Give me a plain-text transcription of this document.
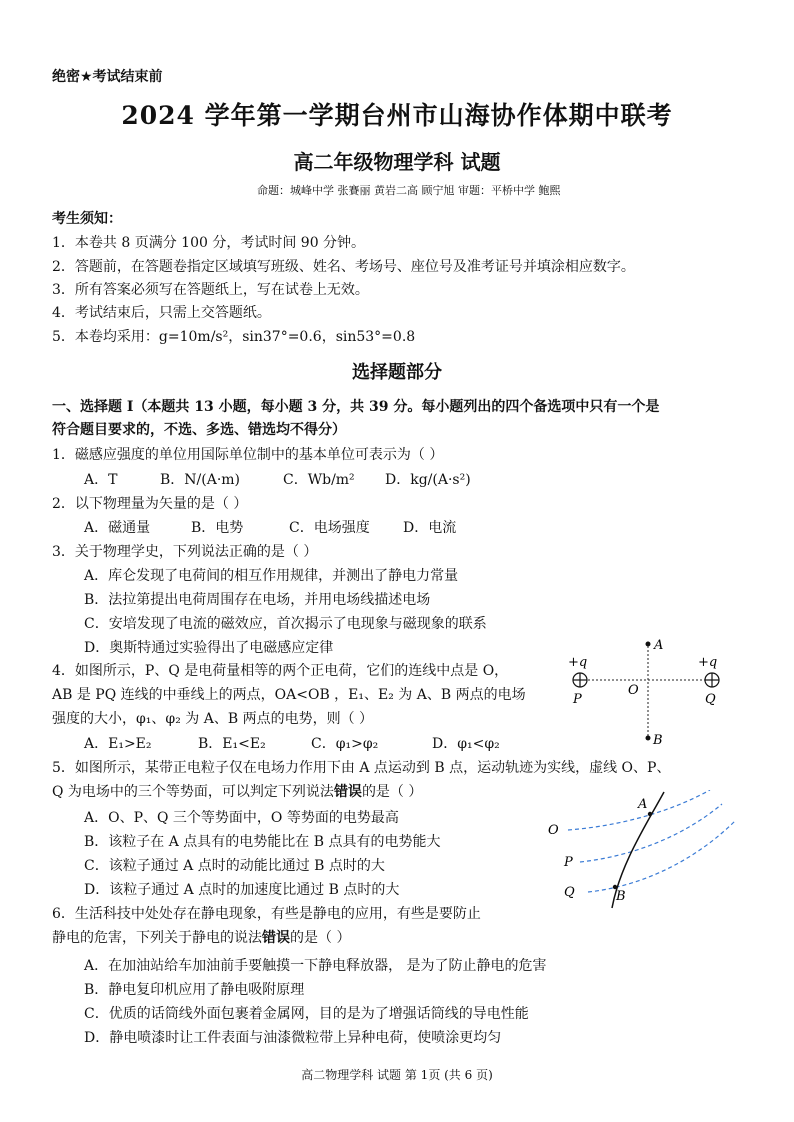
绝密★考试结束前
2024 学年第一学期台州市山海协作体期中联考
高二年级物理学科 试题
命题：城峰中学 张賽丽 黄岩二高 顾宁旭 审题：平桥中学 鲍熙
考生须知：
1．本卷共 8 页满分 100 分，考试时间 90 分钟。
2．答题前，在答题卷指定区域填写班级、姓名、考场号、座位号及准考证号并填涂相应数字。
3．所有答案必须写在答题纸上，写在试卷上无效。
4．考试结束后，只需上交答题纸。
5．本卷均采用：g=10m/s²，sin37°=0.6，sin53°=0.8
选择题部分
一、选择题 Ⅰ（本题共 13 小题，每小题 3 分，共 39 分。每小题列出的四个备选项中只有一个是
符合题目要求的，不选、多选、错选均不得分）
1．磁感应强度的单位用国际单位制中的基本单位可表示为（ ）
A．T	B．N/(A·m)	C．Wb/m² D．kg/(A·s²)
2．以下物理量为矢量的是（ ）
A．磁通量	B．电势	C．电场强度 D．电流
3．关于物理学史，下列说法正确的是（ ）
A．库仑发现了电荷间的相互作用规律，并测出了静电力常量
B．法拉第提出电荷周围存在电场，并用电场线描述电场
C．安培发现了电流的磁效应，首次揭示了电现象与磁现象的联系
D．奥斯特通过实验得出了电磁感应定律
4．如图所示，P、Q 是电荷量相等的两个正电荷，它们的连线中点是 O，
AB 是 PQ 连线的中垂线上的两点，OA<OB ，E₁、E₂ 为 A、B 两点的电场
强度的大小，φ₁、φ₂ 为 A、B 两点的电势，则（ ）
A．E₁>E₂	B．E₁<E₂	C．φ₁>φ₂	D．φ₁<φ₂
+q	+q
P	Q
O
A
B
5．如图所示，某带正电粒子仅在电场力作用下由 A 点运动到 B 点，运动轨迹为实线，虚线 O、P、
Q 为电场中的三个等势面，可以判定下列说法错误的是（ ）
A．O、P、Q 三个等势面中，O 等势面的电势最高
B．该粒子在 A 点具有的电势能比在 B 点具有的电势能大
C．该粒子通过 A 点时的动能比通过 B 点时的大
D．该粒子通过 A 点时的加速度比通过 B 点时的大
A
B
O
P
Q
6．生活科技中处处存在静电现象，有些是静电的应用，有些是要防止
静电的危害，下列关于静电的说法错误的是（ ）
A．在加油站给车加油前手要触摸一下静电释放器， 是为了防止静电的危害
B．静电复印机应用了静电吸附原理
C．优质的话筒线外面包裹着金属网，目的是为了增强话筒线的导电性能
D．静电喷漆时让工件表面与油漆微粒带上异种电荷，使喷涂更均匀
高二物理学科 试题 第 1页 (共 6 页)
